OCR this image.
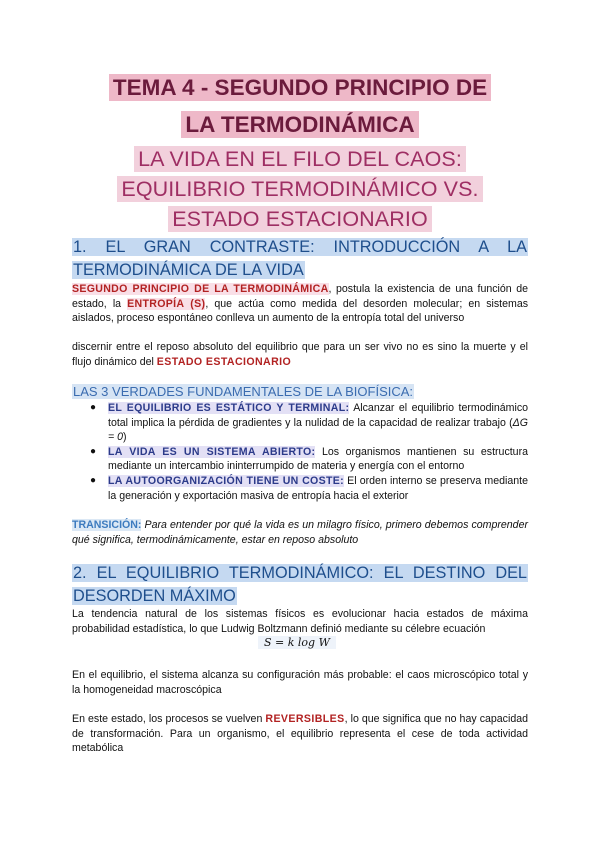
TEMA 4 - SEGUNDO PRINCIPIO DE
LA TERMODINÁMICA
LA VIDA EN EL FILO DEL CAOS:
EQUILIBRIO TERMODINÁMICO VS.
ESTADO ESTACIONARIO
1. EL GRAN CONTRASTE: INTRODUCCIÓN A LA
TERMODINÁMICA DE LA VIDA
SEGUNDO PRINCIPIO DE LA TERMODINÁMICA, postula la existencia de una función de estado, la ENTROPÍA (S), que actúa como medida del desorden molecular; en sistemas aislados, proceso espontáneo conlleva un aumento de la entropía total del universo
discernir entre el reposo absoluto del equilibrio que para un ser vivo no es sino la muerte y el flujo dinámico del ESTADO ESTACIONARIO
LAS 3 VERDADES FUNDAMENTALES DE LA BIOFÍSICA:
● EL EQUILIBRIO ES ESTÁTICO Y TERMINAL: Alcanzar el equilibrio termodinámico total implica la pérdida de gradientes y la nulidad de la capacidad de realizar trabajo (ΔG = 0)
● LA VIDA ES UN SISTEMA ABIERTO: Los organismos mantienen su estructura mediante un intercambio ininterrumpido de materia y energía con el entorno
● LA AUTOORGANIZACIÓN TIENE UN COSTE: El orden interno se preserva mediante la generación y exportación masiva de entropía hacia el exterior
TRANSICIÓN: Para entender por qué la vida es un milagro físico, primero debemos comprender qué significa, termodinámicamente, estar en reposo absoluto
2. EL EQUILIBRIO TERMODINÁMICO: EL DESTINO DEL
DESORDEN MÁXIMO
La tendencia natural de los sistemas físicos es evolucionar hacia estados de máxima probabilidad estadística, lo que Ludwig Boltzmann definió mediante su célebre ecuación
S = k log W
En el equilibrio, el sistema alcanza su configuración más probable: el caos microscópico total y la homogeneidad macroscópica
En este estado, los procesos se vuelven REVERSIBLES, lo que significa que no hay capacidad de transformación. Para un organismo, el equilibrio representa el cese de toda actividad metabólica
